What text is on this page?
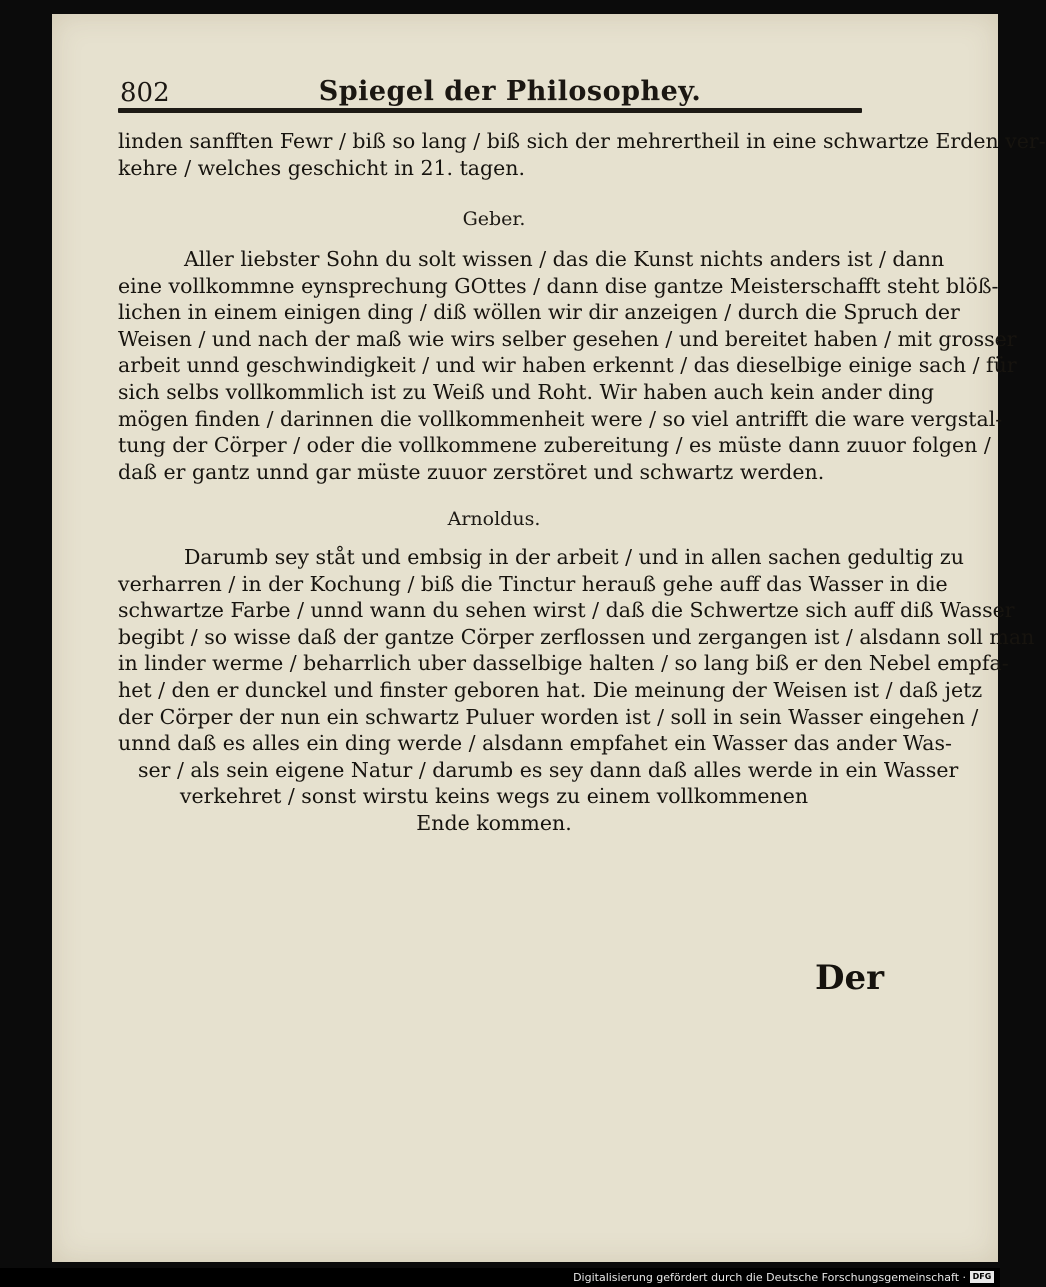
802	Spiegel der Philosophey.
linden sanfften Fewr / biß so lang / biß sich der mehrertheil in eine schwartze Erden ver-
kehre / welches geschicht in 21. tagen.
Geber.
Aller liebster Sohn du solt wissen / das die Kunst nichts anders ist / dann
eine vollkommne eynsprechung GOttes / dann dise gantze Meisterschafft steht blöß-
lichen in einem einigen ding / diß wöllen wir dir anzeigen / durch die Spruch der
Weisen / und nach der maß wie wirs selber gesehen / und bereitet haben / mit grosser
arbeit unnd geschwindigkeit / und wir haben erkennt / das dieselbige einige sach / für
sich selbs vollkommlich ist zu Weiß und Roht. Wir haben auch kein ander ding
mögen finden / darinnen die vollkommenheit were / so viel antrifft die ware vergstal-
tung der Cörper / oder die vollkommene zubereitung / es müste dann zuuor folgen /
daß er gantz unnd gar müste zuuor zerstöret und schwartz werden.
Arnoldus.
Darumb sey ståt und embsig in der arbeit / und in allen sachen gedultig zu
verharren / in der Kochung / biß die Tinctur herauß gehe auff das Wasser in die
schwartze Farbe / unnd wann du sehen wirst / daß die Schwertze sich auff diß Wasser
begibt / so wisse daß der gantze Cörper zerflossen und zergangen ist / alsdann soll man
in linder werme / beharrlich uber dasselbige halten / so lang biß er den Nebel empfa-
het / den er dunckel und finster geboren hat. Die meinung der Weisen ist / daß jetz
der Cörper der nun ein schwartz Puluer worden ist / soll in sein Wasser eingehen /
unnd daß es alles ein ding werde / alsdann empfahet ein Wasser das ander Was-
ser / als sein eigene Natur / darumb es sey dann daß alles werde in ein Wasser
verkehret / sonst wirstu keins wegs zu einem vollkommenen
Ende kommen.
Der
Digitalisierung gefördert durch die Deutsche Forschungsgemeinschaft · DFG
